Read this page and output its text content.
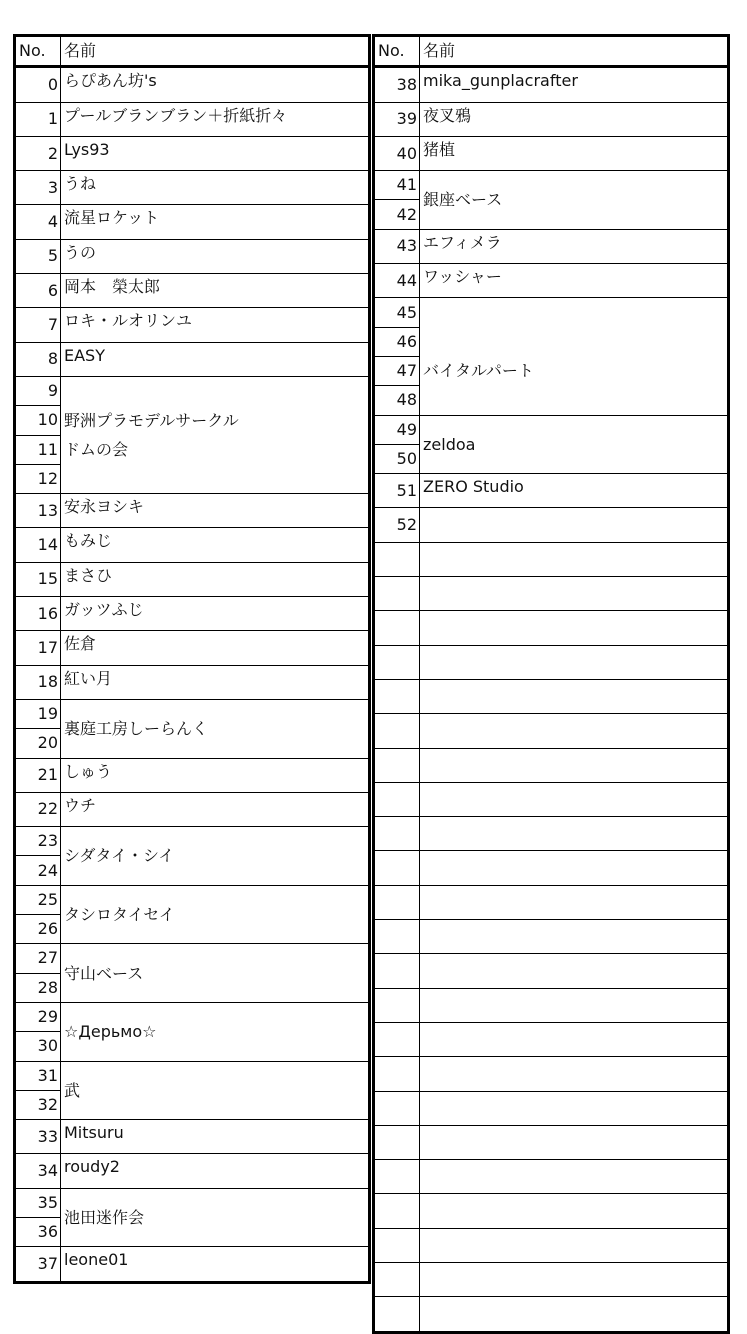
No.	名前
0	らぴあん坊's
1	プールブランブラン＋折紙折々
2	Lys93
3	うね
4	流星ロケット
5	うの
6	岡本　榮太郎
7	ロキ・ルオリンユ
8	EASY
9	野洲プラモデルサークル
ドムの会
10	
11	
12	
13	安永ヨシキ
14	もみじ
15	まさひ
16	ガッツふじ
17	佐倉
18	紅い月
19	裏庭工房しーらんく
20	
21	しゅう
22	ウチ
23	シダタイ・シイ
24	
25	タシロタイセイ
26	
27	守山ベース
28	
29	☆Дерьмо☆
30	
31	武
32	
33	Mitsuru
34	roudy2
35	池田迷作会
36	
37	leone01
No.	名前
38	mika_gunplacrafter
39	夜叉鴉
40	猪植
41	銀座ベース
42	
43	エフィメラ
44	ワッシャー
45	
バイタルパート
46	
47	
48	
49	zeldoa
50	
51	ZERO Studio
52	
